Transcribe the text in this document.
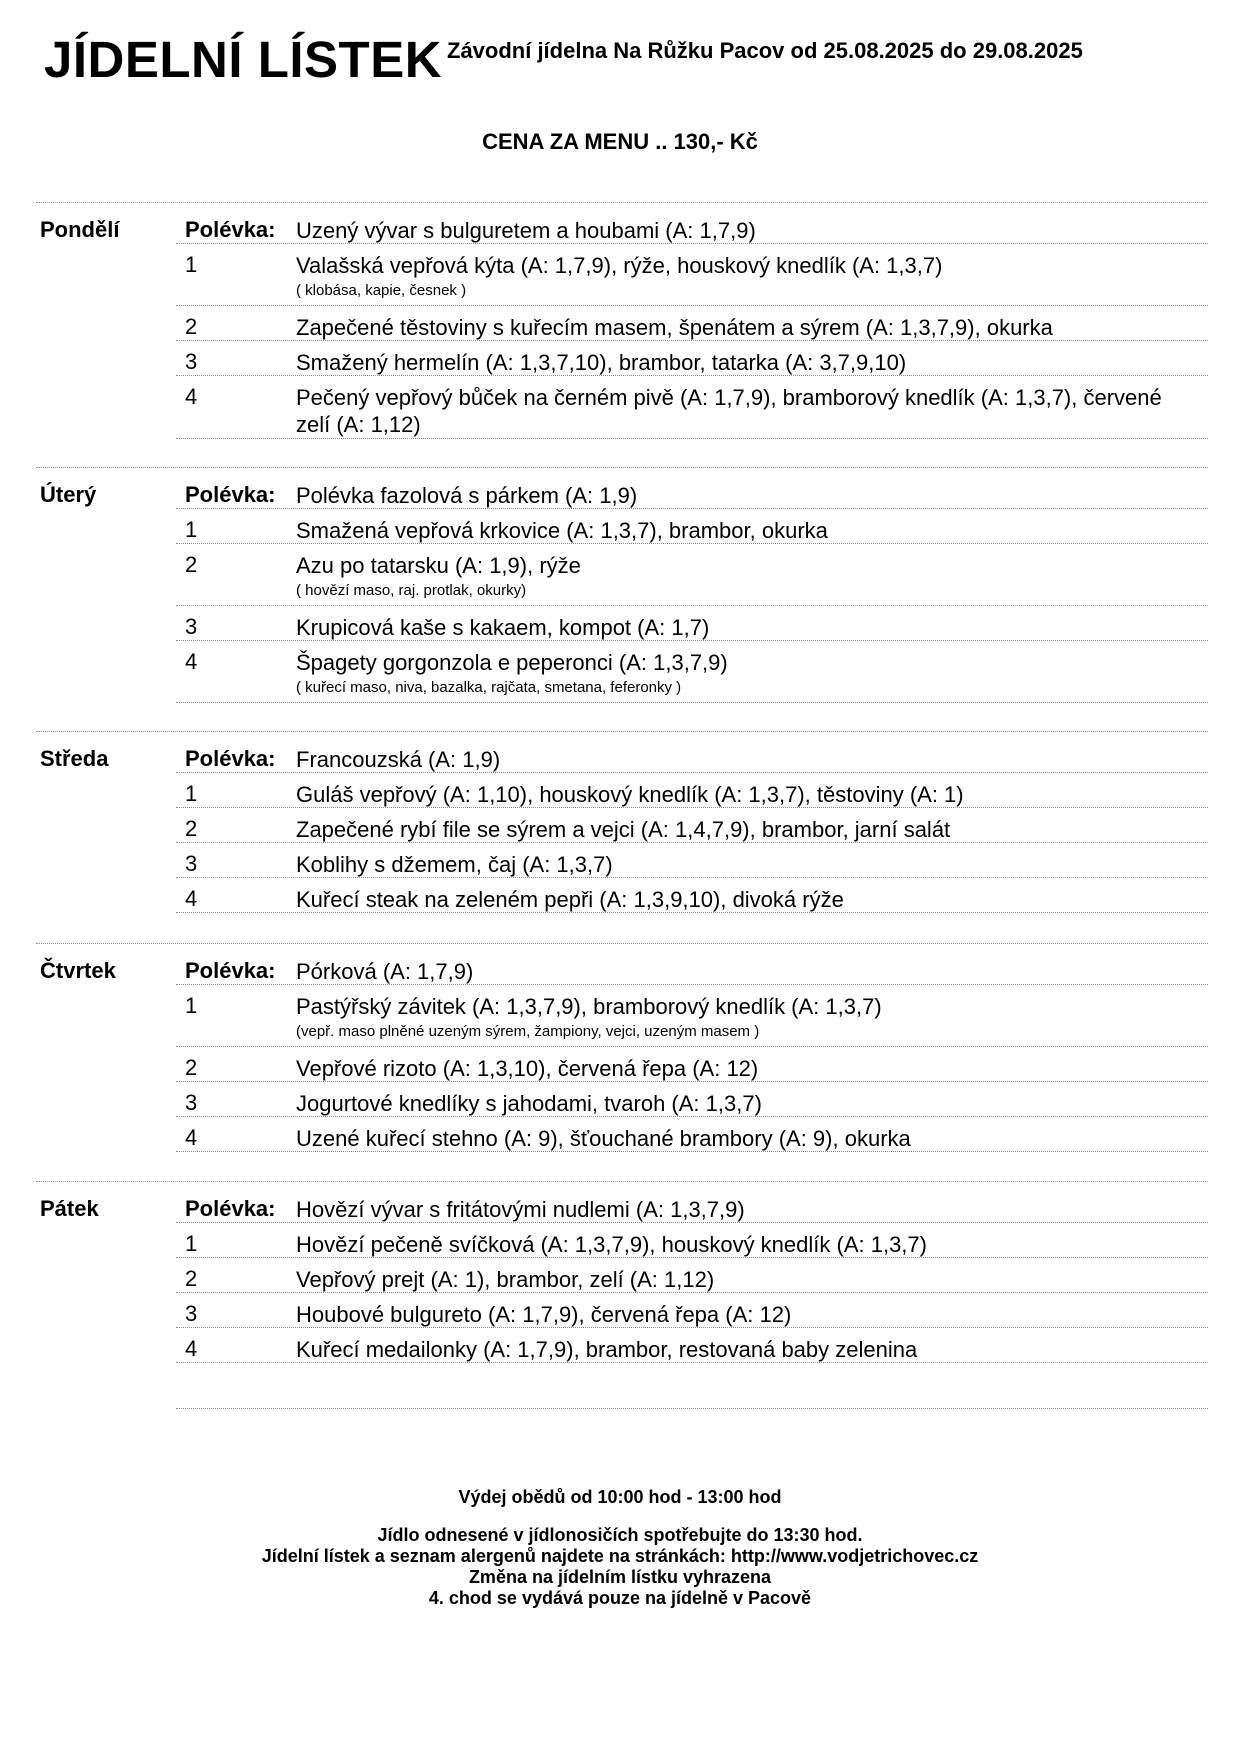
JÍDELNÍ LÍSTEK Závodní jídelna Na Růžku Pacov od 25.08.2025 do 29.08.2025
CENA ZA MENU .. 130,- Kč
Pondělí	Polévka: Uzený vývar s bulguretem a houbami (A: 1,7,9)
1	Valašská vepřová kýta (A: 1,7,9), rýže, houskový knedlík (A: 1,3,7)
( klobása, kapie, česnek )
2	Zapečené těstoviny s kuřecím masem, špenátem a sýrem (A: 1,3,7,9), okurka
3	Smažený hermelín (A: 1,3,7,10), brambor, tatarka (A: 3,7,9,10)
4	Pečený vepřový bůček na černém pivě (A: 1,7,9), bramborový knedlík (A: 1,3,7), červené zelí (A: 1,12)
Úterý	Polévka: Polévka fazolová s párkem (A: 1,9)
1	Smažená vepřová krkovice (A: 1,3,7), brambor, okurka
2	Azu po tatarsku (A: 1,9), rýže
( hovězí maso, raj. protlak, okurky)
3	Krupicová kaše s kakaem, kompot (A: 1,7)
4	Špagety gorgonzola e peperonci (A: 1,3,7,9)
( kuřecí maso, niva, bazalka, rajčata, smetana, feferonky )
Středa	Polévka: Francouzská (A: 1,9)
1	Guláš vepřový (A: 1,10), houskový knedlík (A: 1,3,7), těstoviny (A: 1)
2	Zapečené rybí file se sýrem a vejci (A: 1,4,7,9), brambor, jarní salát
3	Koblihy s džemem, čaj (A: 1,3,7)
4	Kuřecí steak na zeleném pepři (A: 1,3,9,10), divoká rýže
Čtvrtek	Polévka: Pórková (A: 1,7,9)
1	Pastýřský závitek (A: 1,3,7,9), bramborový knedlík (A: 1,3,7)
(vepř. maso plněné uzeným sýrem, žampiony, vejci, uzeným masem )
2	Vepřové rizoto (A: 1,3,10), červená řepa (A: 12)
3	Jogurtové knedlíky s jahodami, tvaroh (A: 1,3,7)
4	Uzené kuřecí stehno (A: 9), šťouchané brambory (A: 9), okurka
Pátek	Polévka: Hovězí vývar s fritátovými nudlemi (A: 1,3,7,9)
1	Hovězí pečeně svíčková (A: 1,3,7,9), houskový knedlík (A: 1,3,7)
2	Vepřový prejt (A: 1), brambor, zelí (A: 1,12)
3	Houbové bulgureto (A: 1,7,9), červená řepa (A: 12)
4	Kuřecí medailonky (A: 1,7,9), brambor, restovaná baby zelenina

Výdej obědů od 10:00 hod - 13:00 hod

Jídlo odnesené v jídlonosičích spotřebujte do 13:30 hod.

Jídelní lístek a seznam alergenů najdete na stránkách: http://www.vodjetrichovec.cz

Změna na jídelním lístku vyhrazena

4. chod se vydává pouze na jídelně v Pacově
